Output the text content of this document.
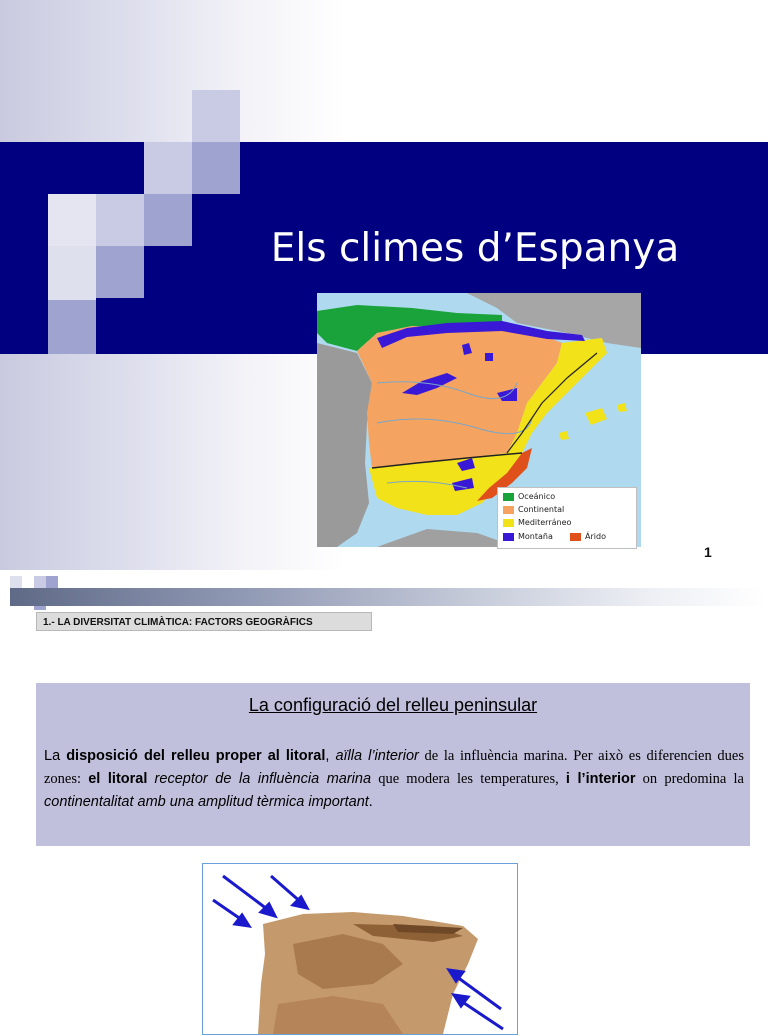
Els climes d’Espanya
Oceánico
Continental
Mediterráneo
Montaña	Árido
1
1.- LA DIVERSITAT CLIMÀTICA: FACTORS GEOGRÀFICS
La configuració del relleu peninsular
La disposició del relleu proper al litoral, aïlla l’interior de la influència marina. Per això es diferencien dues zones: el litoral receptor de la influència marina que modera les temperatures, i l’interior on predomina la continentalitat amb una amplitud tèrmica important.
